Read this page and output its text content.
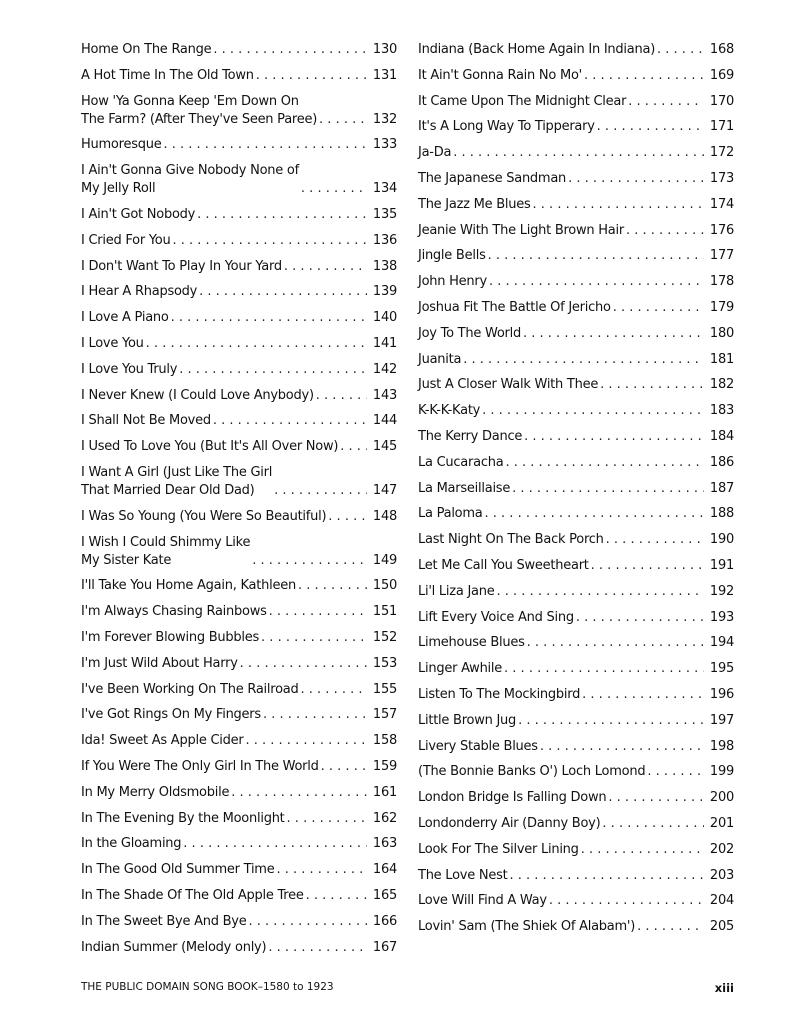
Home On The Range . . .	130
A Hot Time In The Old Town . . .	131
How 'Ya Gonna Keep 'Em Down On
The Farm? (After They've Seen Paree) . . .	132
Humoresque . . .	133
I Ain't Gonna Give Nobody None of
My Jelly Roll . . .	134
I Ain't Got Nobody . . .	135
I Cried For You . . .	136
I Don't Want To Play In Your Yard . . .	138
I Hear A Rhapsody . . .	139
I Love A Piano . . .	140
I Love You . . .	141
I Love You Truly . . .	142
I Never Knew (I Could Love Anybody) . . .	143
I Shall Not Be Moved . . .	144
I Used To Love You (But It's All Over Now) . . .	145
I Want A Girl (Just Like The Girl
That Married Dear Old Dad) . . .	147
I Was So Young (You Were So Beautiful) . . .	148
I Wish I Could Shimmy Like
My Sister Kate . . .	149
I'll Take You Home Again, Kathleen . . .	150
I'm Always Chasing Rainbows . . .	151
I'm Forever Blowing Bubbles . . .	152
I'm Just Wild About Harry . . .	153
I've Been Working On The Railroad . . .	155
I've Got Rings On My Fingers . . .	157
Ida! Sweet As Apple Cider . . .	158
If You Were The Only Girl In The World . . .	159
In My Merry Oldsmobile . . .	161
In The Evening By the Moonlight . . .	162
In the Gloaming . . .	163
In The Good Old Summer Time . . .	164
In The Shade Of The Old Apple Tree . . .	165
In The Sweet Bye And Bye . . .	166
Indian Summer (Melody only) . . .	167
Indiana (Back Home Again In Indiana) . . .	168
It Ain't Gonna Rain No Mo' . . .	169
It Came Upon The Midnight Clear . . .	170
It's A Long Way To Tipperary . . .	171
Ja-Da . . .	172
The Japanese Sandman . . .	173
The Jazz Me Blues . . .	174
Jeanie With The Light Brown Hair . . .	176
Jingle Bells . . .	177
John Henry . . .	178
Joshua Fit The Battle Of Jericho . . .	179
Joy To The World . . .	180
Juanita . . .	181
Just A Closer Walk With Thee . . .	182
K-K-K-Katy . . .	183
The Kerry Dance . . .	184
La Cucaracha . . .	186
La Marseillaise . . .	187
La Paloma . . .	188
Last Night On The Back Porch . . .	190
Let Me Call You Sweetheart . . .	191
Li'l Liza Jane . . .	192
Lift Every Voice And Sing . . .	193
Limehouse Blues . . .	194
Linger Awhile . . .	195
Listen To The Mockingbird . . .	196
Little Brown Jug . . .	197
Livery Stable Blues . . .	198
(The Bonnie Banks O') Loch Lomond . . .	199
London Bridge Is Falling Down . . .	200
Londonderry Air (Danny Boy) . . .	201
Look For The Silver Lining . . .	202
The Love Nest . . .	203
Love Will Find A Way . . .	204
Lovin' Sam (The Shiek Of Alabam') . . .	205
THE PUBLIC DOMAIN SONG BOOK–1580 to 1923	xiii
